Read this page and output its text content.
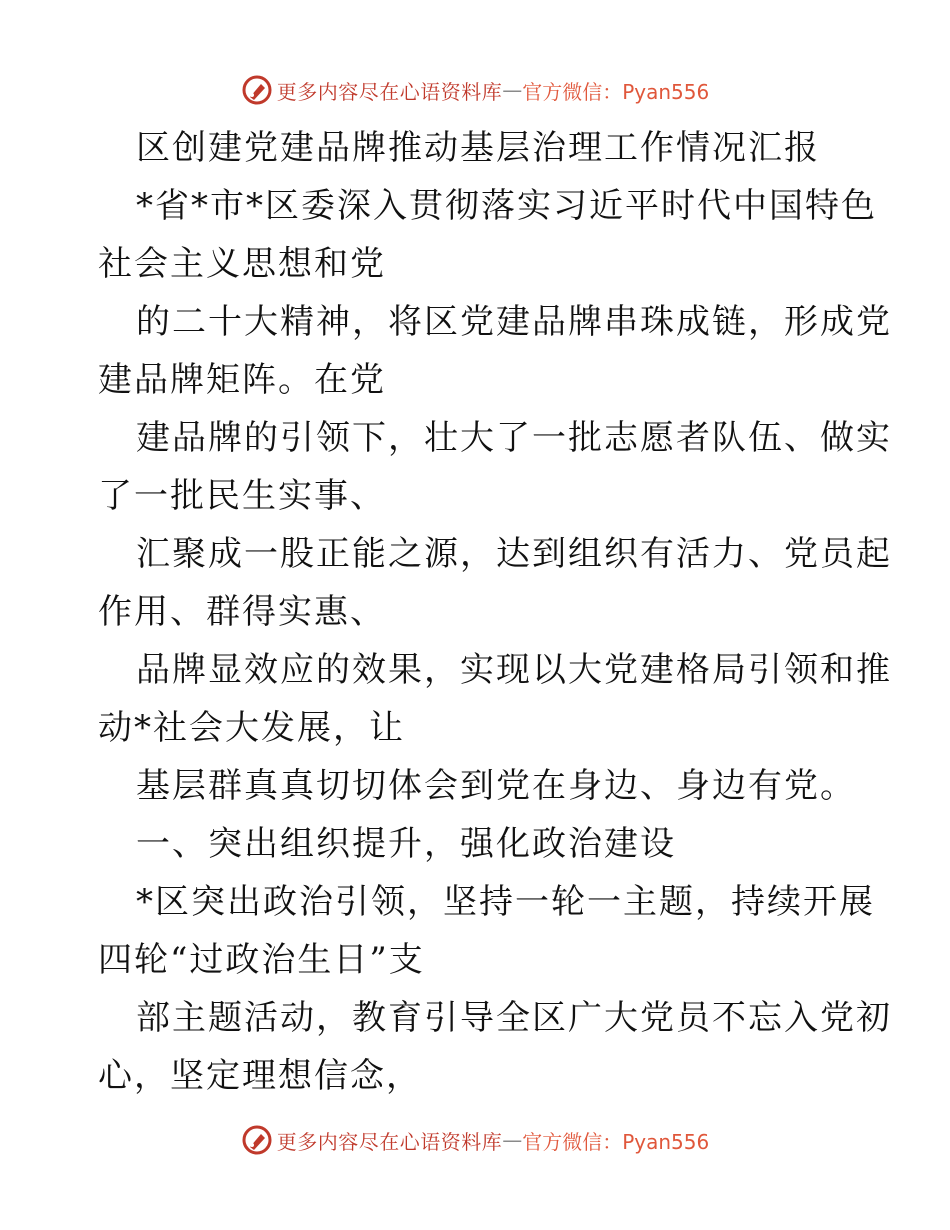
更多内容尽在心语资料库 — 官方微信：Pyan556
区创建党建品牌推动基层治理工作情况汇报
*省*市*区委深入贯彻落实习近平时代中国特色
社会主义思想和党
的二十大精神，将区党建品牌串珠成链，形成党
建品牌矩阵。在党
建品牌的引领下，壮大了一批志愿者队伍、做实
了一批民生实事、
汇聚成一股正能之源，达到组织有活力、党员起
作用、群得实惠、
品牌显效应的效果，实现以大党建格局引领和推
动*社会大发展，让
基层群真真切切体会到党在身边、身边有党。
一、突出组织提升，强化政治建设
*区突出政治引领，坚持一轮一主题，持续开展
四轮“过政治生日”支
部主题活动，教育引导全区广大党员不忘入党初
心，坚定理想信念，
更多内容尽在心语资料库 — 官方微信：Pyan556
